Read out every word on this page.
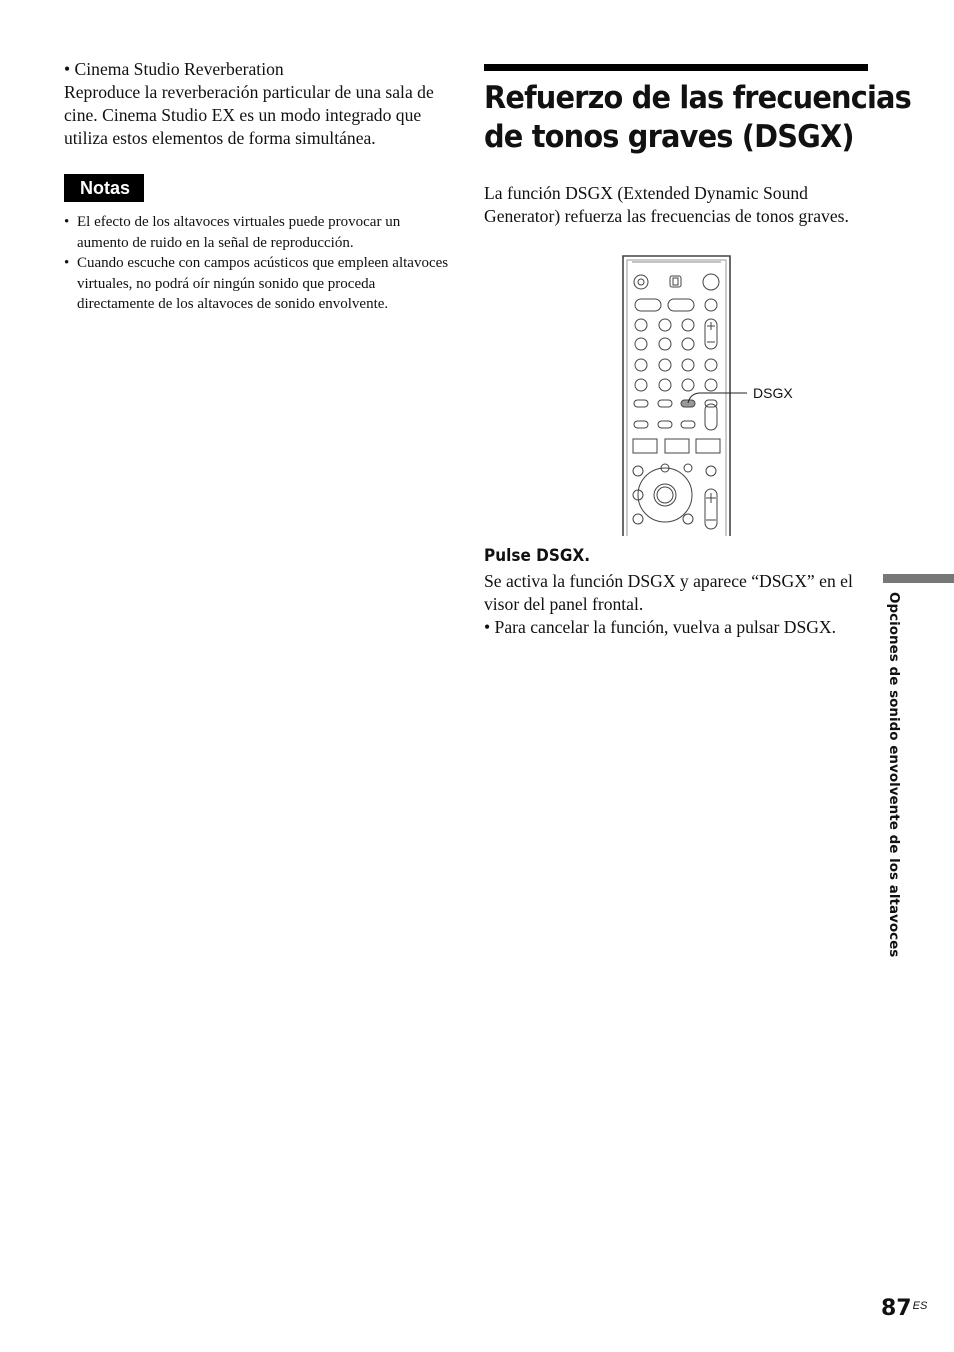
• Cinema Studio Reverberation

Reproduce la reverberación particular de una sala de cine. Cinema Studio EX es un modo integrado que utiliza estos elementos de forma simultánea.

Notas
• El efecto de los altavoces virtuales puede provocar un aumento de ruido en la señal de reproducción.
• Cuando escuche con campos acústicos que empleen altavoces virtuales, no podrá oír ningún sonido que proceda directamente de los altavoces de sonido envolvente.
Refuerzo de las frecuencias
de tonos graves (DSGX)

La función DSGX (Extended Dynamic Sound Generator) refuerza las frecuencias de tonos graves.

DSGX
Pulse DSGX.

Se activa la función DSGX y aparece “DSGX” en el visor del panel frontal.

• Para cancelar la función, vuelva a pulsar DSGX.	Opciones de sonido envolvente de los altavoces
$87^{ES}$
